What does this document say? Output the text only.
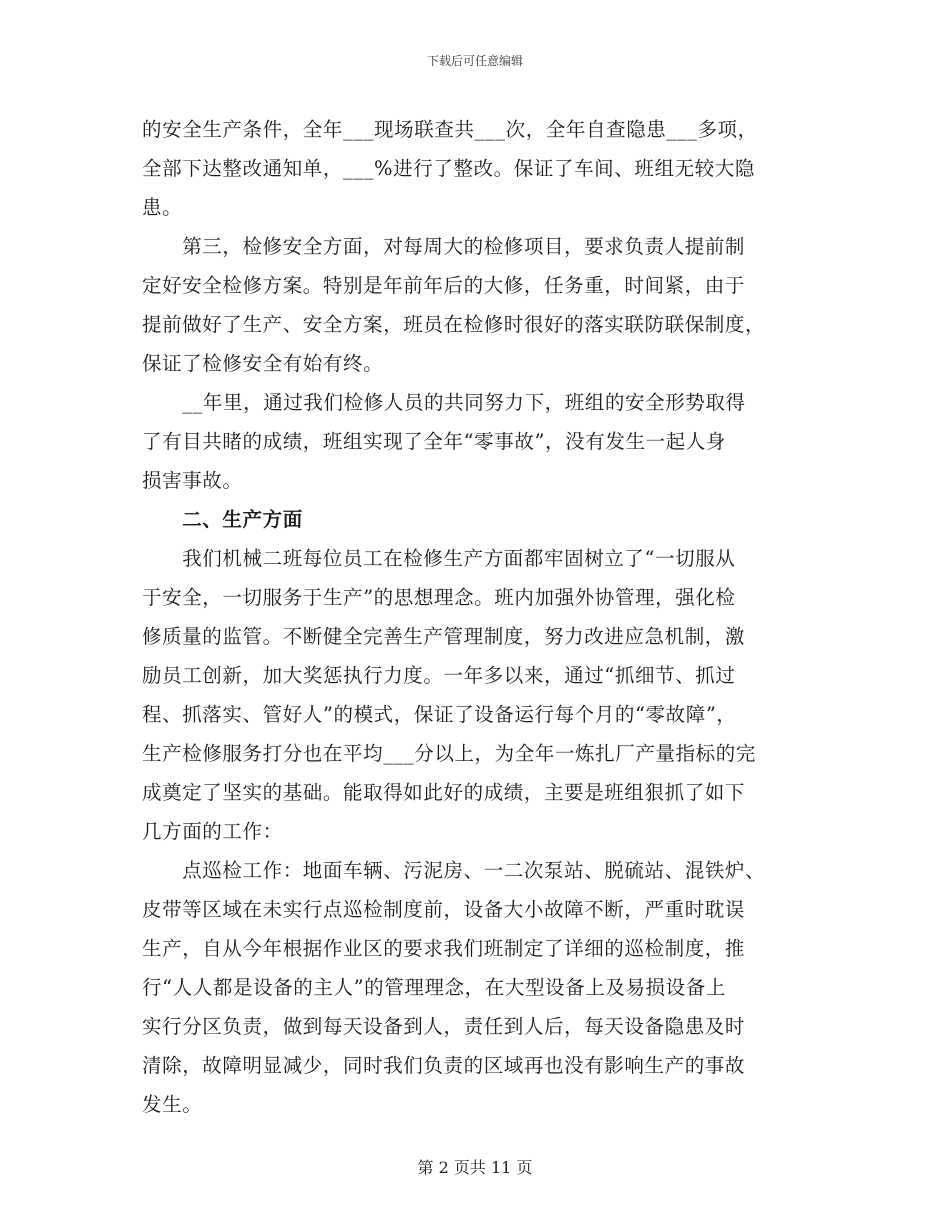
下载后可任意编辑
的安全生产条件，全年___现场联查共___次，全年自查隐患___多项，
全部下达整改通知单，___%进行了整改。保证了车间、班组无较大隐
患。
　　第三，检修安全方面，对每周大的检修项目，要求负责人提前制
定好安全检修方案。特别是年前年后的大修，任务重，时间紧，由于
提前做好了生产、安全方案，班员在检修时很好的落实联防联保制度，
保证了检修安全有始有终。
　　__年里，通过我们检修人员的共同努力下，班组的安全形势取得
了有目共睹的成绩，班组实现了全年“零事故”，没有发生一起人身
损害事故。
　　二、生产方面
　　我们机械二班每位员工在检修生产方面都牢固树立了“一切服从
于安全，一切服务于生产”的思想理念。班内加强外协管理，强化检
修质量的监管。不断健全完善生产管理制度，努力改进应急机制，激
励员工创新，加大奖惩执行力度。一年多以来，通过“抓细节、抓过
程、抓落实、管好人”的模式，保证了设备运行每个月的“零故障”，
生产检修服务打分也在平均___分以上，为全年一炼扎厂产量指标的完
成奠定了坚实的基础。能取得如此好的成绩，主要是班组狠抓了如下
几方面的工作：
　　点巡检工作：地面车辆、污泥房、一二次泵站、脱硫站、混铁炉、
皮带等区域在未实行点巡检制度前，设备大小故障不断，严重时耽误
生产，自从今年根据作业区的要求我们班制定了详细的巡检制度，推
行“人人都是设备的主人”的管理理念，在大型设备上及易损设备上
实行分区负责，做到每天设备到人，责任到人后，每天设备隐患及时
清除，故障明显减少，同时我们负责的区域再也没有影响生产的事故
发生。
第 2 页共 11 页
